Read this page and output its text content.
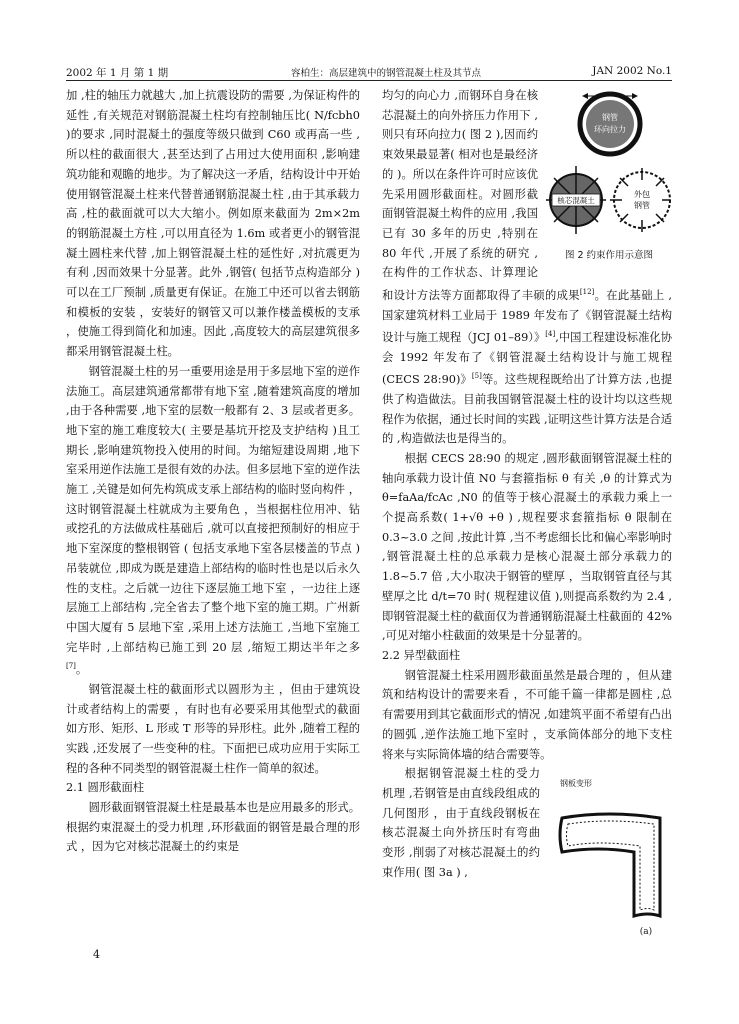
2002 年 1 月 第 1 期	容柏生：高层建筑中的钢管混凝土柱及其节点	JAN 2002 No.1

加 ,柱的轴压力就越大 ,加上抗震设防的需要 ,为保证构件的延性 ,有关规范对钢筋混凝土柱均有控制轴压比( N/fcbh0 )的要求 ,同时混凝土的强度等级只做到 C60 或再高一些 ,所以柱的截面很大 ,甚至达到了占用过大使用面积 ,影响建筑功能和观瞻的地步。为了解决这一矛盾，结构设计中开始使用钢管混凝土柱来代替普通钢筋混凝土柱 ,由于其承载力高 ,柱的截面就可以大大缩小。例如原来截面为 2m×2m 的钢筋混凝土方柱 ,可以用直径为 1.6m 或者更小的钢管混凝土圆柱来代替 ,加上钢管混凝土柱的延性好 ,对抗震更为有利 ,因而效果十分显著。此外 ,钢管( 包括节点构造部分 )可以在工厂预制 ,质量更有保证。在施工中还可以省去钢筋和模板的安装 ，安装好的钢管又可以兼作楼盖模板的支承 ，使施工得到简化和加速。因此 ,高度较大的高层建筑很多都采用钢管混凝土柱。

钢管混凝土柱的另一重要用途是用于多层地下室的逆作法施工。高层建筑通常都带有地下室 ,随着建筑高度的增加 ,由于各种需要 ,地下室的层数一般都有 2、3 层或者更多。地下室的施工难度较大( 主要是基坑开挖及支护结构 )且工期长 ,影响建筑物投入使用的时间。为缩短建设周期 ,地下室采用逆作法施工是很有效的办法。但多层地下室的逆作法施工 ,关键是如何先构筑成支承上部结构的临时竖向构件 ，这时钢管混凝土柱就成为主要角色 ，当根据柱位用冲、钻或挖孔的方法做成柱基础后 ,就可以直接把预制好的相应于地下室深度的整根钢管 ( 包括支承地下室各层楼盖的节点 )吊装就位 ,即成为既是建造上部结构的临时性也是以后永久性的支柱。之后就一边往下逐层施工地下室 ，一边往上逐层施工上部结构 ,完全省去了整个地下室的施工期。广州新中国大厦有 5 层地下室 ,采用上述方法施工 ,当地下室施工完毕时 ,上部结构已施工到 20 层 ,缩短工期达半年之多[7]。

钢管混凝土柱的截面形式以圆形为主 ，但由于建筑设计或者结构上的需要 ，有时也有必要采用其他型式的截面如方形、矩形、L 形或 T 形等的异形柱。此外 ,随着工程的实践 ,还发展了一些变种的柱。下面把已成功应用于实际工程的各种不同类型的钢管混凝土柱作一简单的叙述。

2.1 圆形截面柱

圆形截面钢管混凝土柱是最基本也是应用最多的形式。根据约束混凝土的受力机理 ,环形截面的钢管是最合理的形式 ，因为它对核芯混凝土的约束是

钢管
环向拉力
核芯混凝土
外包
钢管
图 2 约束作用示意图

均匀的向心力 ,而钢环自身在核芯混凝土的向外挤压力作用下 ,则只有环向拉力( 图 2 ),因而约束效果最显著( 相对也是最经济的 )。所以在条件许可时应该优先采用圆形截面柱。对圆形截面钢管混凝土构件的应用 ,我国已有 30 多年的历史 ,特别在 80 年代 ,开展了系统的研究 ,在构件的工作状态、计算理论和设计方法等方面都取得了丰硕的成果[12]。在此基础上 ,国家建筑材料工业局于 1989 年发布了《钢管混凝土结构设计与施工规程（JCJ 01–89）》[4],中国工程建设标准化协会 1992 年发布了《钢管混凝土结构设计与施工规程(CECS 28:90)》[5]等。这些规程既给出了计算方法 ,也提供了构造做法。目前我国钢管混凝土柱的设计均以这些规程作为依据，通过长时间的实践 ,证明这些计算方法是合适的 ,构造做法也是得当的。

根据 CECS 28:90 的规定 ,圆形截面钢管混凝土柱的轴向承载力设计值 N0 与套箍指标 θ 有关 ,θ 的计算式为 θ=faAa/fcAc ,N0 的值等于核心混凝土的承载力乘上一个提高系数( 1+√θ +θ ) ,规程要求套箍指标 θ 限制在 0.3~3.0 之间 ,按此计算 ,当不考虑细长比和偏心率影响时 ,钢管混凝土柱的总承载力是核心混凝土部分承载力的 1.8~5.7 倍 ,大小取决于钢管的壁厚 ，当取钢管直径与其壁厚之比 d/t=70 时( 规程建议值 ),则提高系数约为 2.4 ,即钢管混凝土柱的截面仅为普通钢筋混凝土柱截面的 42% ,可见对缩小柱截面的效果是十分显著的。

2.2 异型截面柱

钢管混凝土柱采用圆形截面虽然是最合理的 ，但从建筑和结构设计的需要来看 ，不可能千篇一律都是圆柱 ,总有需要用到其它截面形式的情况 ,如建筑平面不希望有凸出的圆弧 ,逆作法施工地下室时 ，支承筒体部分的地下支柱将来与实际筒体墙的结合需要等。

钢板变形
(a)

根据钢管混凝土柱的受力机理 ,若钢管是由直线段组成的几何图形 ，由于直线段钢板在核芯混凝土向外挤压时有弯曲变形 ,削弱了对核芯混凝土的约束作用( 图 3a ) ,

4
